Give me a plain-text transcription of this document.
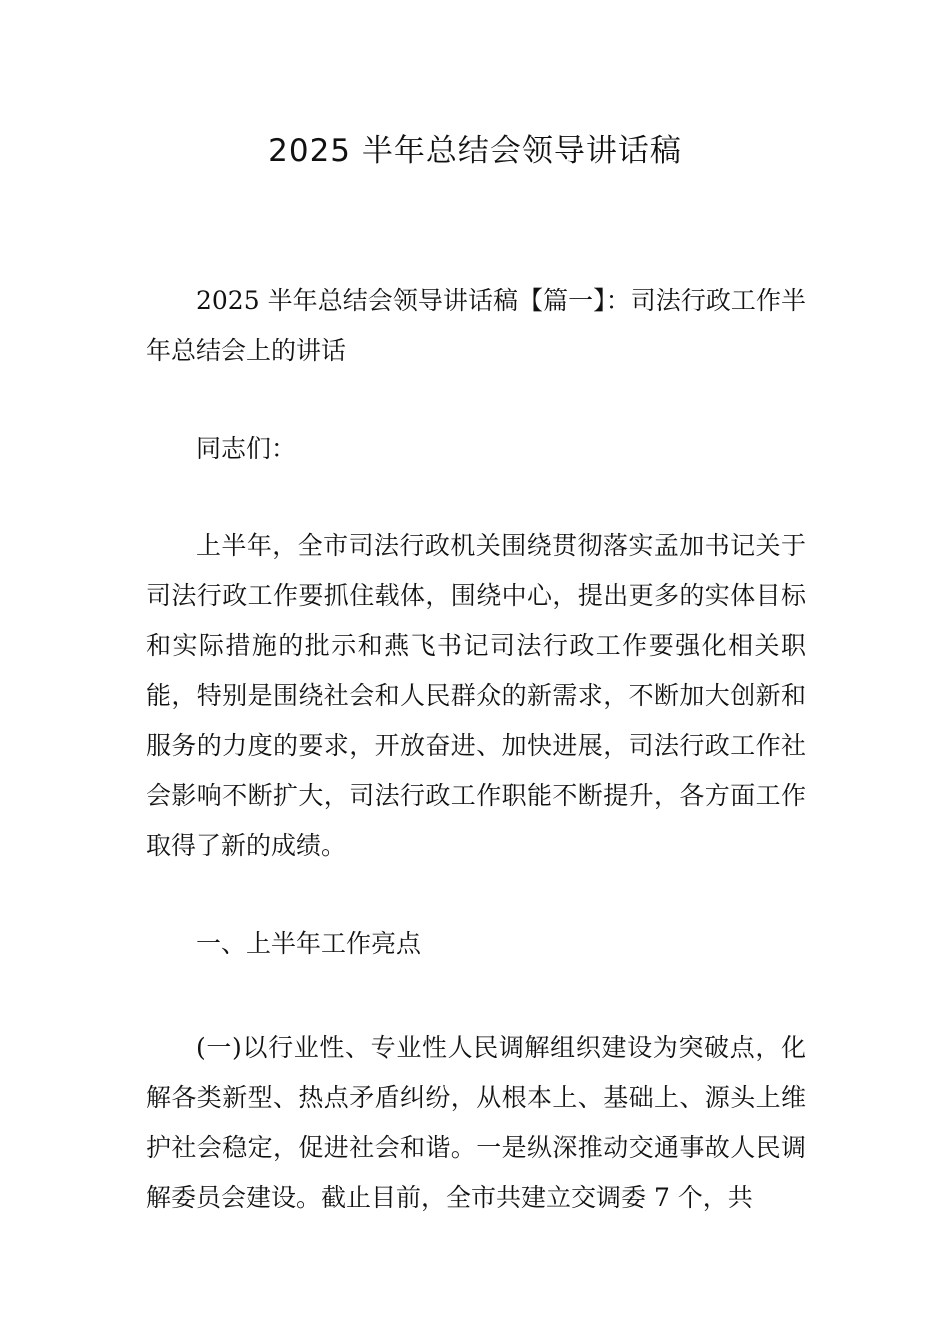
2025 半年总结会领导讲话稿

2025 半年总结会领导讲话稿【篇一】：司法行政工作半年总结会上的讲话

同志们：

上半年，全市司法行政机关围绕贯彻落实孟加书记关于司法行政工作要抓住载体，围绕中心，提出更多的实体目标和实际措施的批示和燕飞书记司法行政工作要强化相关职能，特别是围绕社会和人民群众的新需求，不断加大创新和服务的力度的要求，开放奋进、加快进展，司法行政工作社会影响不断扩大，司法行政工作职能不断提升，各方面工作取得了新的成绩。

一、上半年工作亮点

(一)以行业性、专业性人民调解组织建设为突破点，化解各类新型、热点矛盾纠纷，从根本上、基础上、源头上维护社会稳定，促进社会和谐。一是纵深推动交通事故人民调解委员会建设。截止目前，全市共建立交调委 7 个，共
